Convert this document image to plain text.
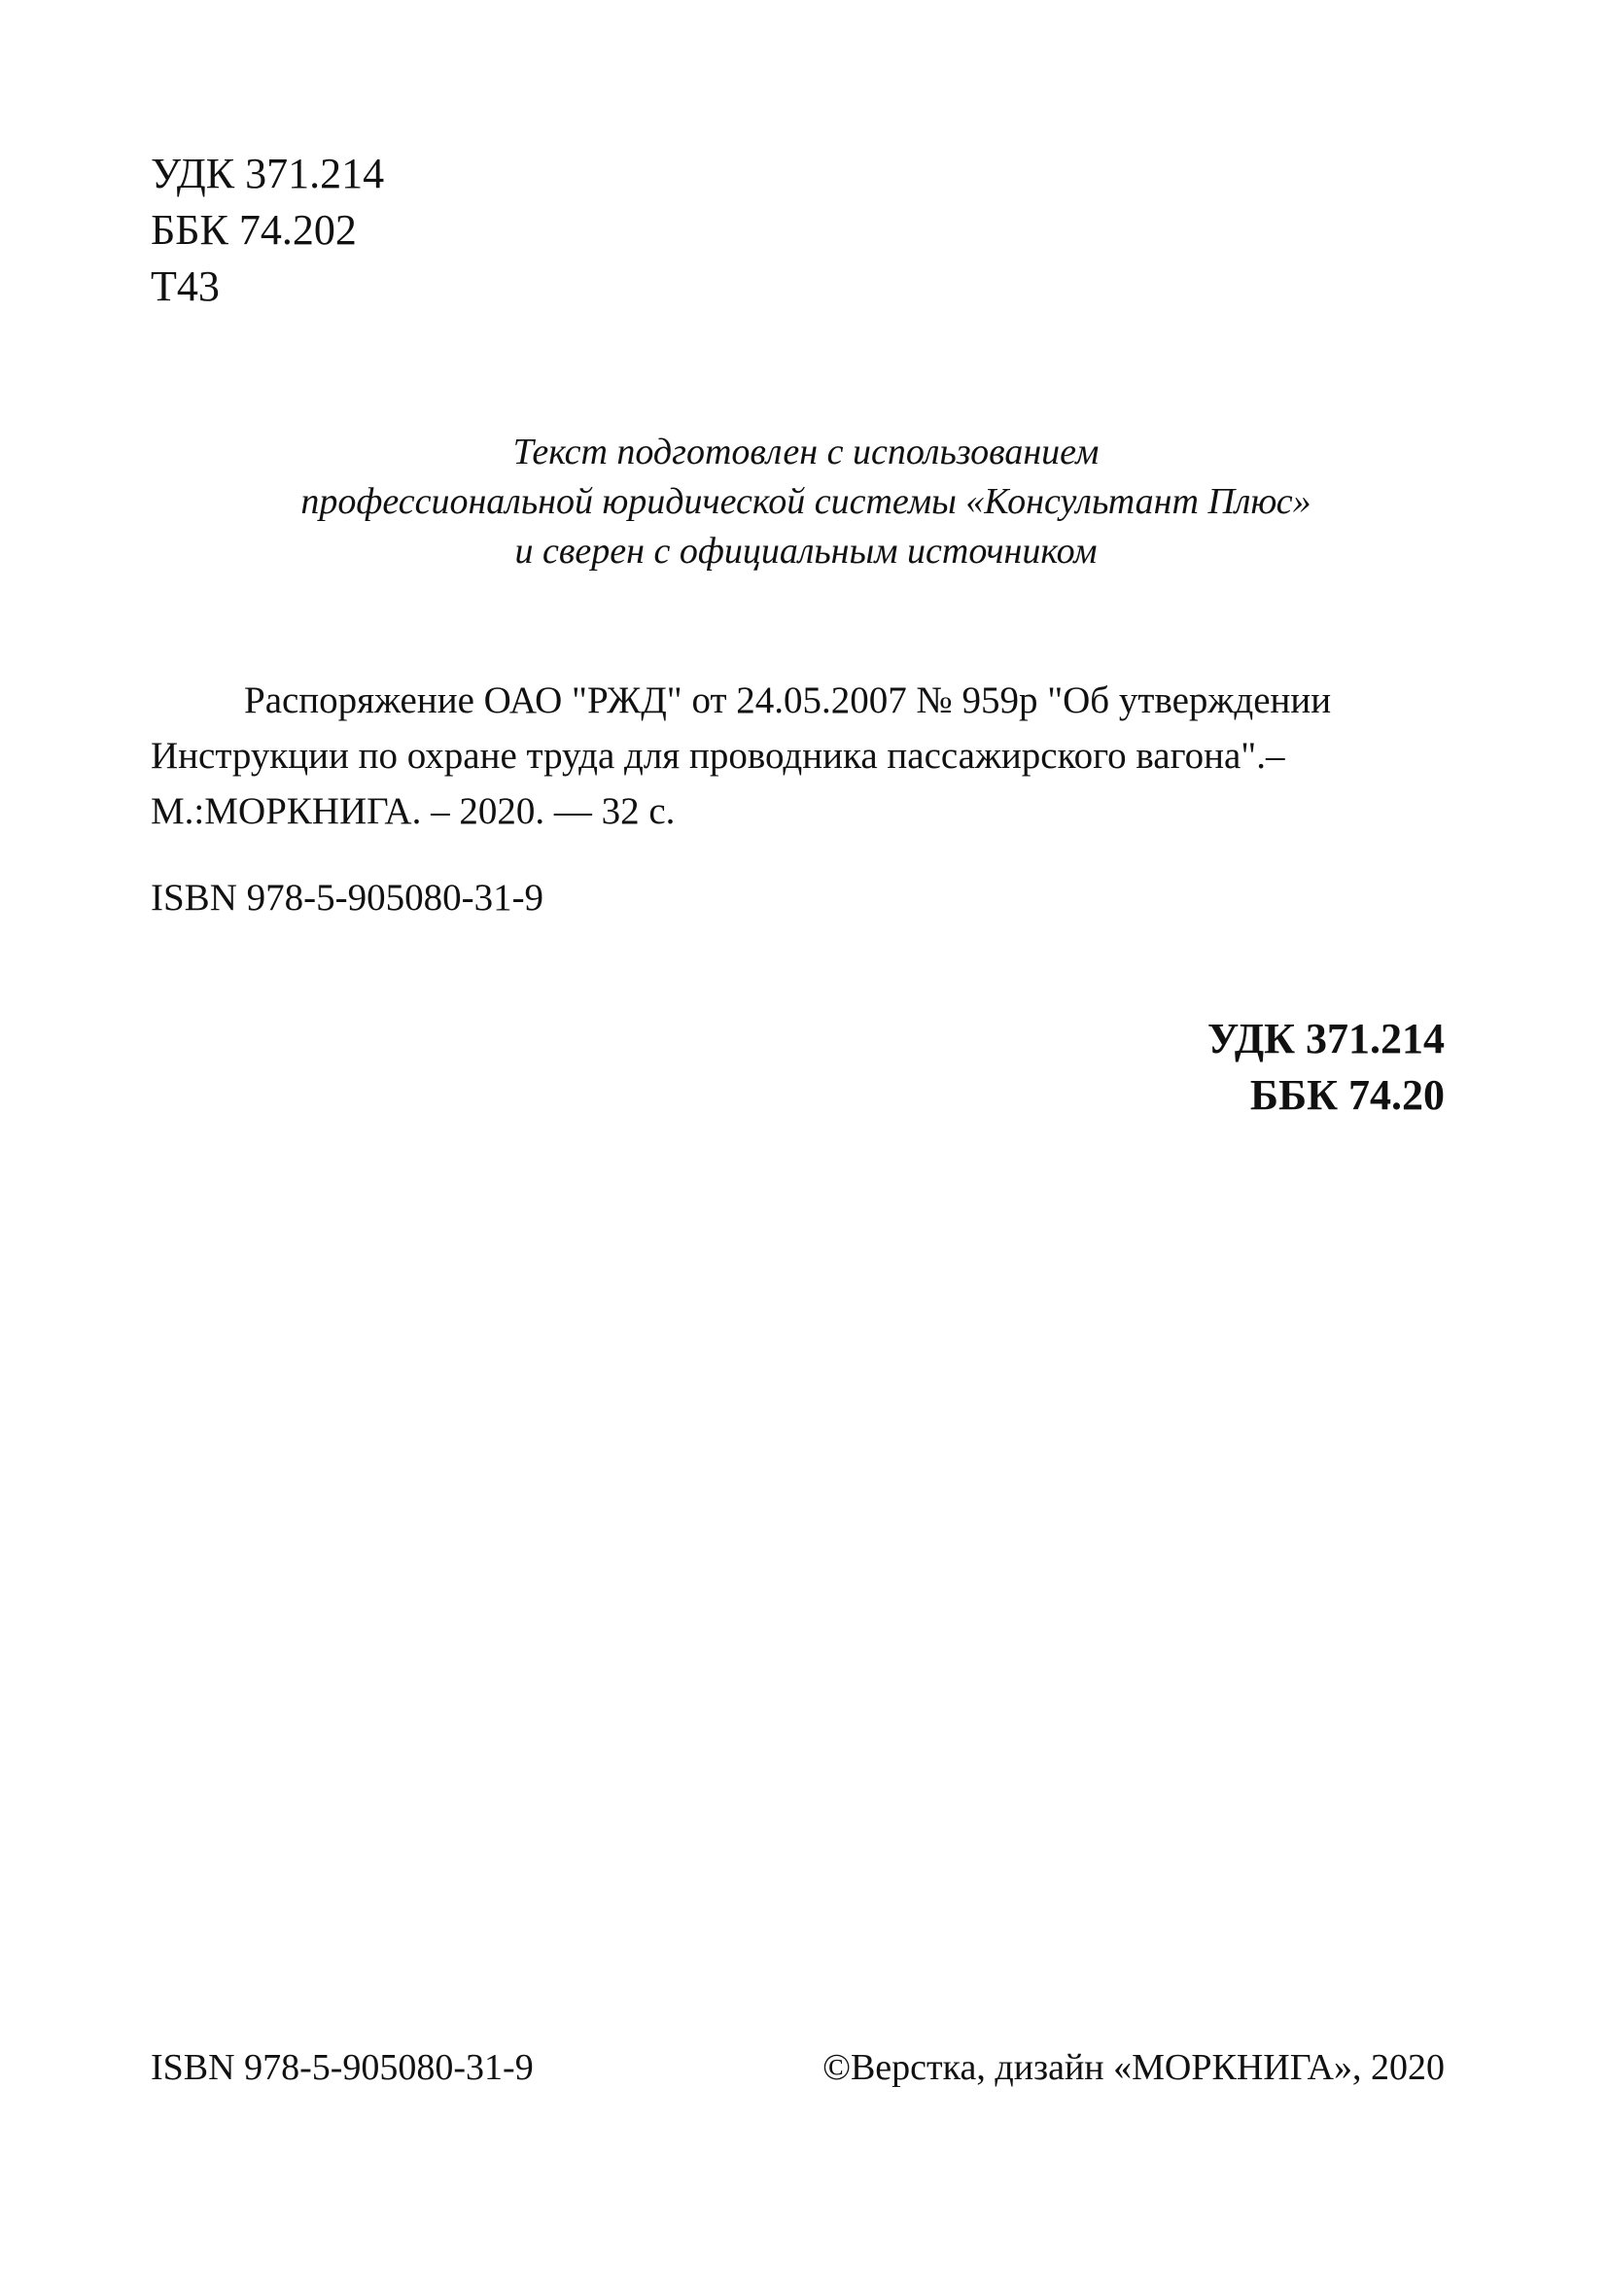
УДК 371.214
ББК 74.202
Т43
Текст подготовлен с использованием
профессиональной юридической системы «Консультант Плюс»
и сверен с официальным источником
Распоряжение ОАО "РЖД" от 24.05.2007 № 959р "Об утверждении
Инструкции по охране труда для проводника пассажирского вагона".–
М.:МОРКНИГА. – 2020. — 32 с.
ISBN 978-5-905080-31-9
УДК 371.214
ББК 74.20
ISBN 978-5-905080-31-9	©Верстка, дизайн «МОРКНИГА», 2020
